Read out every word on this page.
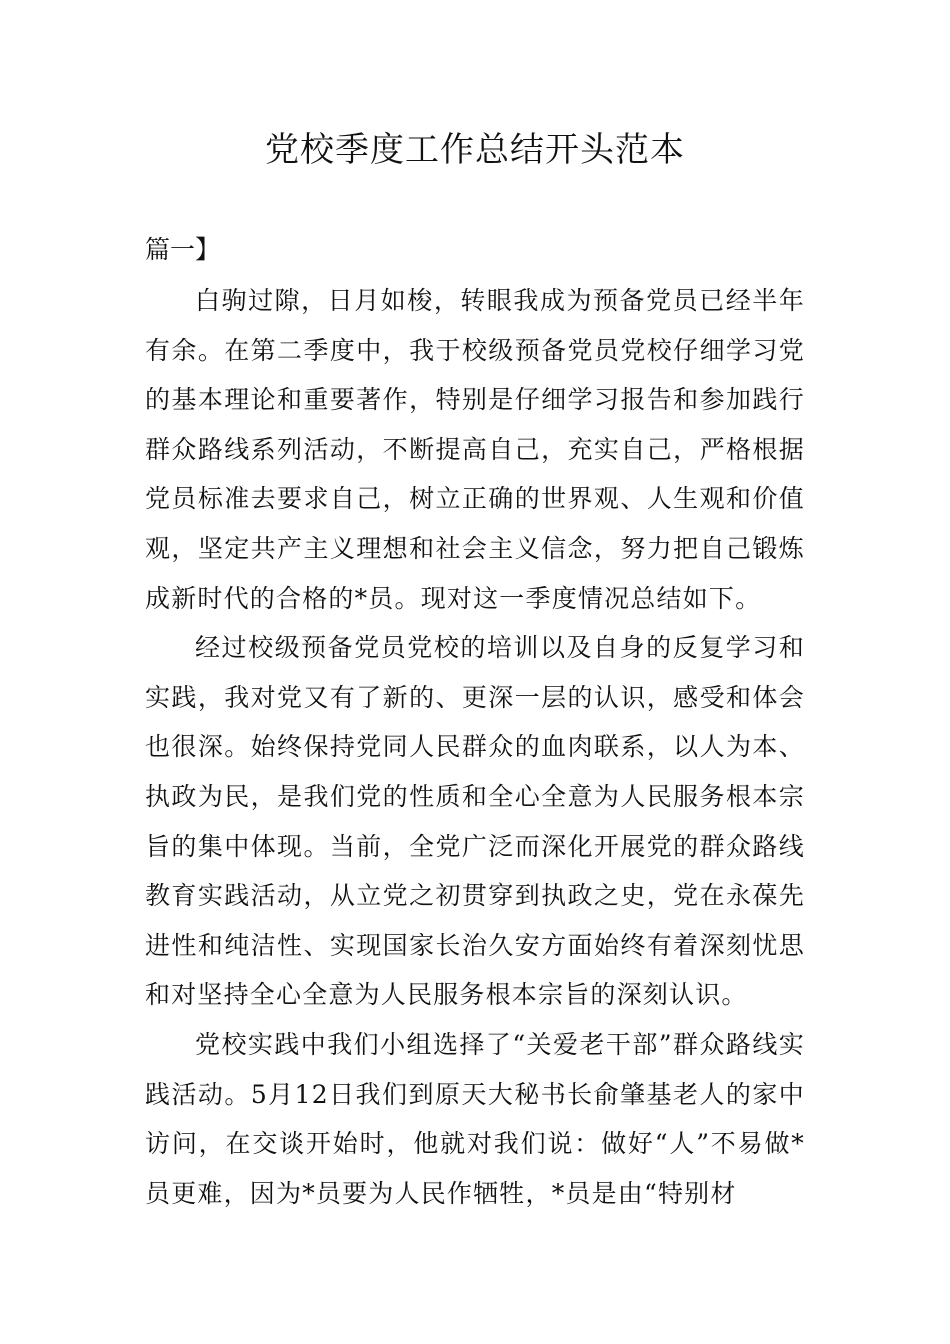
党校季度工作总结开头范本

篇一】

白驹过隙，日月如梭，转眼我成为预备党员已经半年有余。在第二季度中，我于校级预备党员党校仔细学习党的基本理论和重要著作，特别是仔细学习报告和参加践行群众路线系列活动，不断提高自己，充实自己，严格根据党员标准去要求自己，树立正确的世界观、人生观和价值观，坚定共产主义理想和社会主义信念，努力把自己锻炼成新时代的合格的*员。现对这一季度情况总结如下。

经过校级预备党员党校的培训以及自身的反复学习和实践，我对党又有了新的、更深一层的认识，感受和体会也很深。始终保持党同人民群众的血肉联系，以人为本、执政为民，是我们党的性质和全心全意为人民服务根本宗旨的集中体现。当前，全党广泛而深化开展党的群众路线教育实践活动，从立党之初贯穿到执政之史，党在永葆先进性和纯洁性、实现国家长治久安方面始终有着深刻忧思和对坚持全心全意为人民服务根本宗旨的深刻认识。

党校实践中我们小组选择了“关爱老干部”群众路线实践活动。5月12日我们到原天大秘书长俞肇基老人的家中访问，在交谈开始时，他就对我们说：做好“人”不易做*员更难，因为*员要为人民作牺牲，*员是由“特别材
